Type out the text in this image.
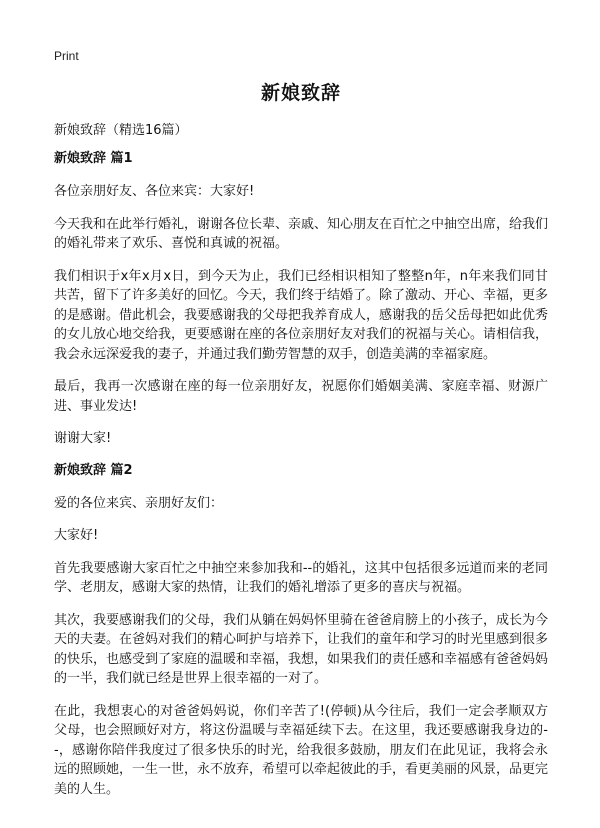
Print
新娘致辞
新娘致辞（精选16篇）
新娘致辞 篇1

各位亲朋好友、各位来宾：大家好!

今天我和在此举行婚礼，谢谢各位长辈、亲戚、知心朋友在百忙之中抽空出席，给我们的婚礼带来了欢乐、喜悦和真诚的祝福。

我们相识于x年x月x日，到今天为止，我们已经相识相知了整整n年，n年来我们同甘共苦，留下了许多美好的回忆。今天，我们终于结婚了。除了激动、开心、幸福，更多的是感谢。借此机会，我要感谢我的父母把我养育成人，感谢我的岳父岳母把如此优秀的女儿放心地交给我，更要感谢在座的各位亲朋好友对我们的祝福与关心。请相信我，我会永远深爱我的妻子，并通过我们勤劳智慧的双手，创造美满的幸福家庭。

最后，我再一次感谢在座的每一位亲朋好友，祝愿你们婚姻美满、家庭幸福、财源广进、事业发达!

谢谢大家!

新娘致辞 篇2

爱的各位来宾、亲朋好友们：

大家好!

首先我要感谢大家百忙之中抽空来参加我和--的婚礼，这其中包括很多远道而来的老同学、老朋友，感谢大家的热情，让我们的婚礼增添了更多的喜庆与祝福。

其次，我要感谢我们的父母，我们从躺在妈妈怀里骑在爸爸肩膀上的小孩子，成长为今天的夫妻。在爸妈对我们的精心呵护与培养下，让我们的童年和学习的时光里感到很多的快乐，也感受到了家庭的温暖和幸福，我想，如果我们的责任感和幸福感有爸爸妈妈的一半，我们就已经是世界上很幸福的一对了。

在此，我想衷心的对爸爸妈妈说，你们辛苦了!(停顿)从今往后，我们一定会孝顺双方父母，也会照顾好对方，将这份温暖与幸福延续下去。在这里，我还要感谢我身边的--，感谢你陪伴我度过了很多快乐的时光，给我很多鼓励，朋友们在此见证，我将会永远的照顾她，一生一世，永不放弃，希望可以牵起彼此的手，看更美丽的风景，品更完美的人生。
